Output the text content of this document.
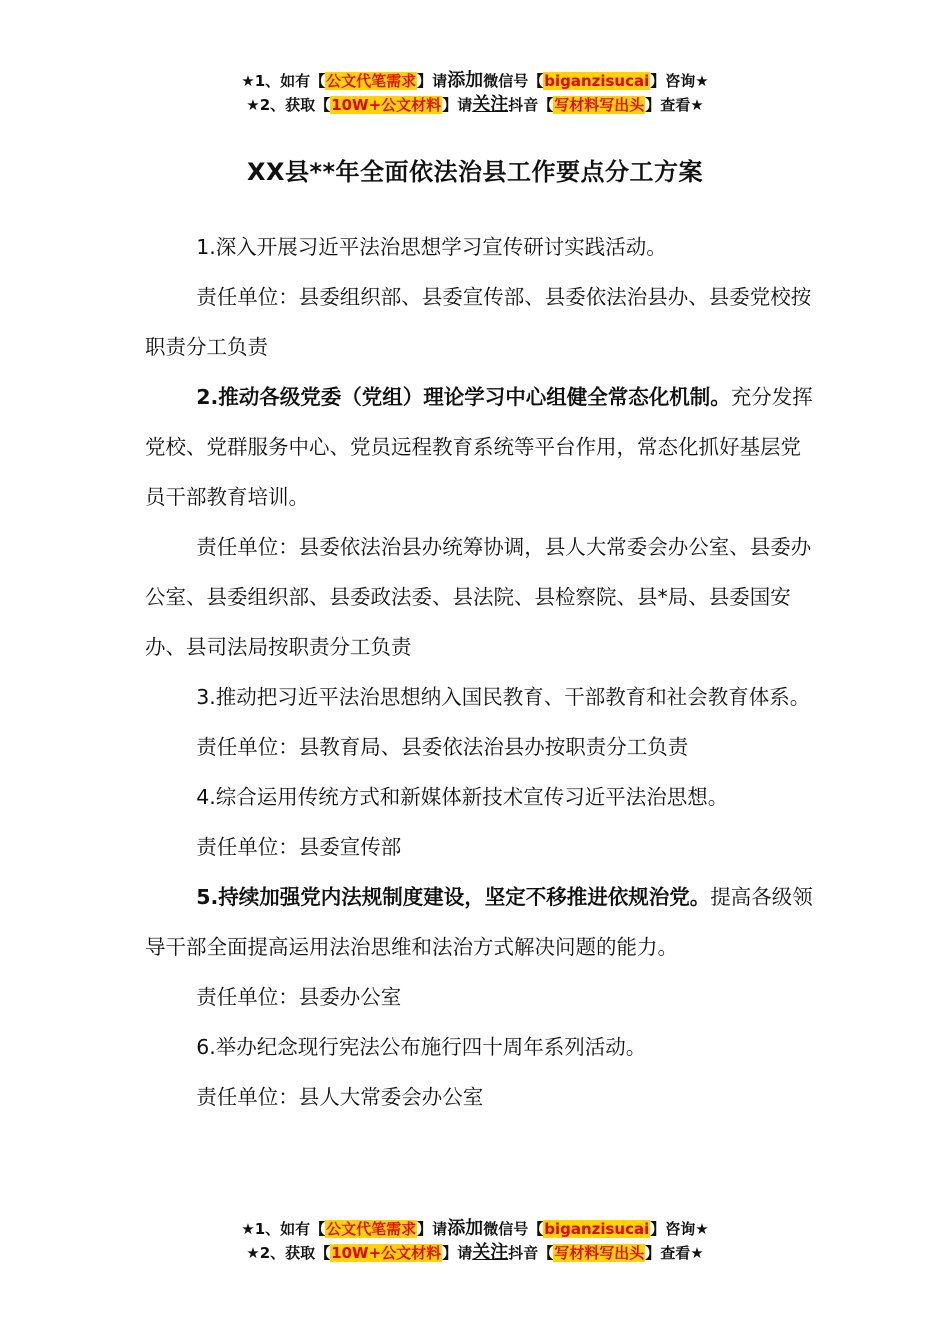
★1、如有【公文代笔需求】请添加微信号【biganzisucai】咨询★
★2、获取【10W+公文材料】请关注抖音【写材料写出头】查看★
XX县**年全面依法治县工作要点分工方案

1.深入开展习近平法治思想学习宣传研讨实践活动。

责任单位：县委组织部、县委宣传部、县委依法治县办、县委党校按职责分工负责

2.推动各级党委（党组）理论学习中心组健全常态化机制。充分发挥党校、党群服务中心、党员远程教育系统等平台作用，常态化抓好基层党员干部教育培训。

责任单位：县委依法治县办统筹协调，县人大常委会办公室、县委办公室、县委组织部、县委政法委、县法院、县检察院、县*局、县委国安办、县司法局按职责分工负责

3.推动把习近平法治思想纳入国民教育、干部教育和社会教育体系。

责任单位：县教育局、县委依法治县办按职责分工负责

4.综合运用传统方式和新媒体新技术宣传习近平法治思想。

责任单位：县委宣传部

5.持续加强党内法规制度建设，坚定不移推进依规治党。提高各级领导干部全面提高运用法治思维和法治方式解决问题的能力。

责任单位：县委办公室

6.举办纪念现行宪法公布施行四十周年系列活动。

责任单位：县人大常委会办公室

★1、如有【公文代笔需求】请添加微信号【biganzisucai】咨询★
★2、获取【10W+公文材料】请关注抖音【写材料写出头】查看★
